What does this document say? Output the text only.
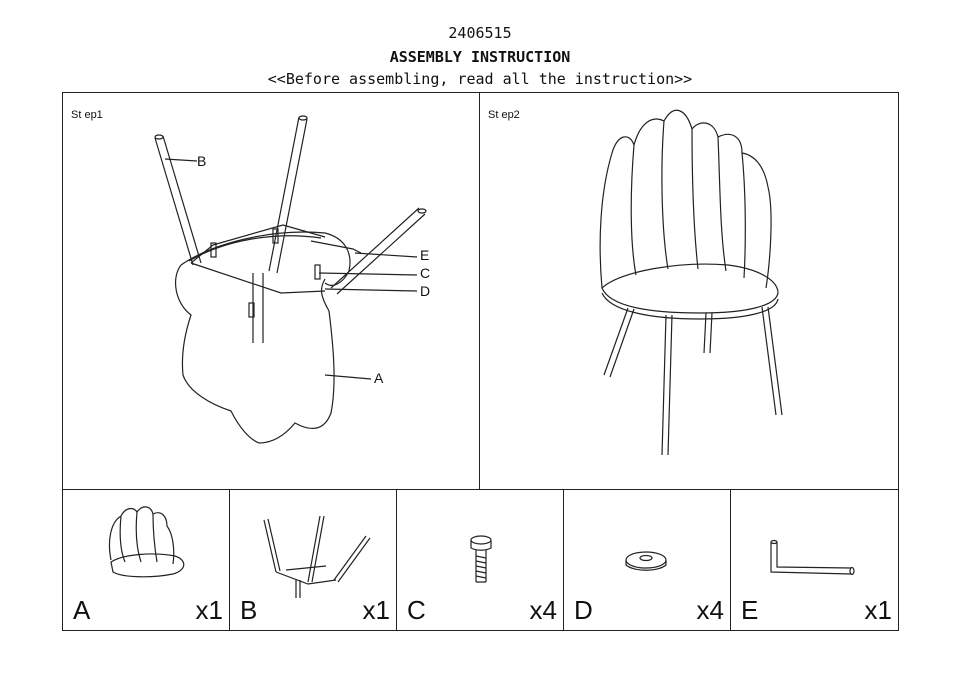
2406515
ASSEMBLY INSTRUCTION
<<Before assembling, read all the instruction>>
St ep1
B
E
C
D
A
St ep2
A	x1 B	x1 C	x4 D	x4 E	x1
